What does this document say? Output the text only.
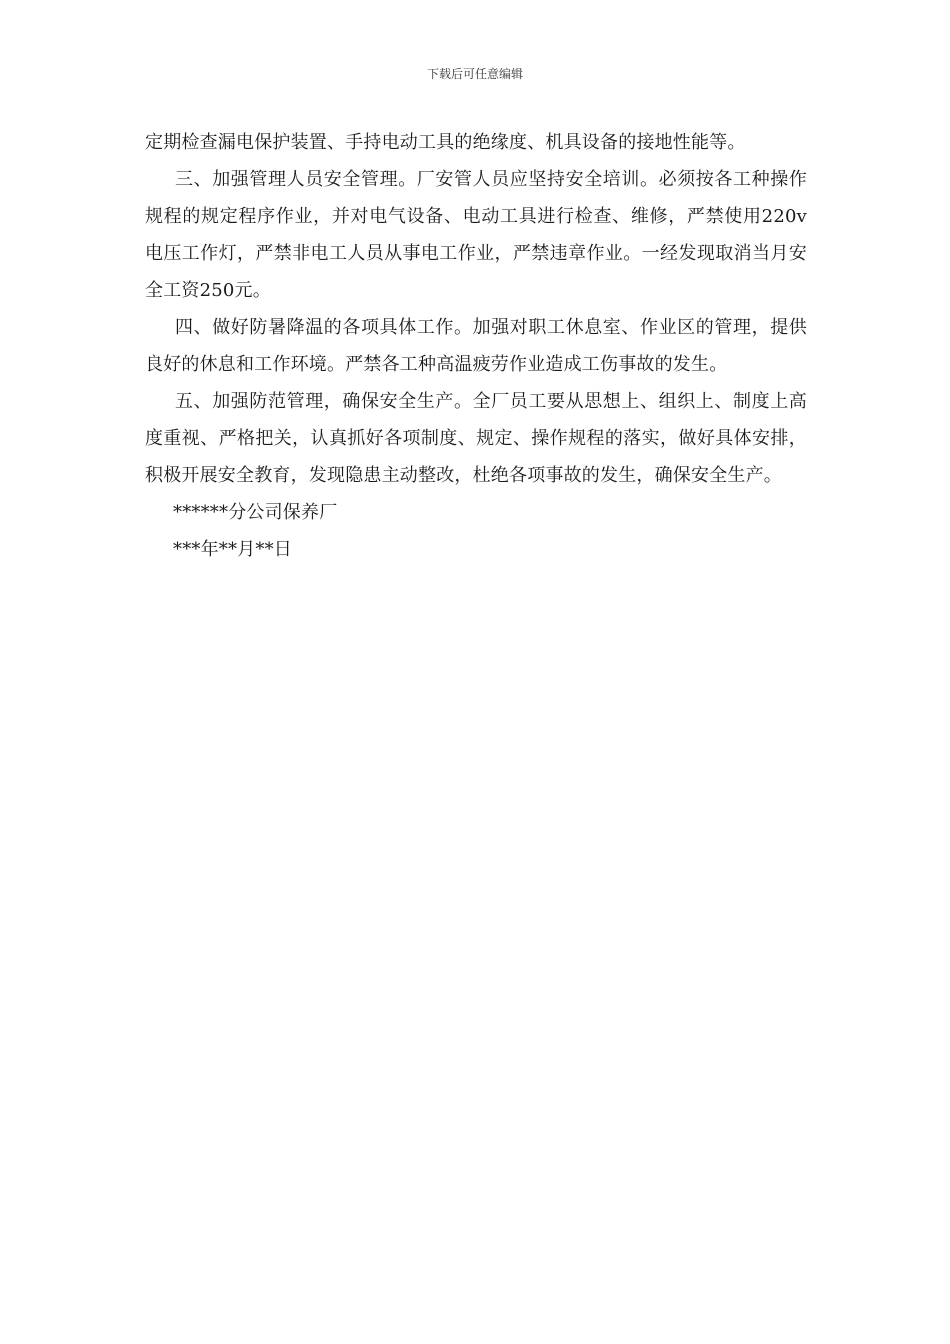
下载后可任意编辑

定期检查漏电保护装置、手持电动工具的绝缘度、机具设备的接地性能等。

三、加强管理人员安全管理。厂安管人员应坚持安全培训。必须按各工种操作规程的规定程序作业，并对电气设备、电动工具进行检查、维修，严禁使用220v电压工作灯，严禁非电工人员从事电工作业，严禁违章作业。一经发现取消当月安全工资250元。

四、做好防暑降温的各项具体工作。加强对职工休息室、作业区的管理，提供良好的休息和工作环境。严禁各工种高温疲劳作业造成工伤事故的发生。

五、加强防范管理，确保安全生产。全厂员工要从思想上、组织上、制度上高度重视、严格把关，认真抓好各项制度、规定、操作规程的落实，做好具体安排，积极开展安全教育，发现隐患主动整改，杜绝各项事故的发生，确保安全生产。

******分公司保养厂

***年**月**日
